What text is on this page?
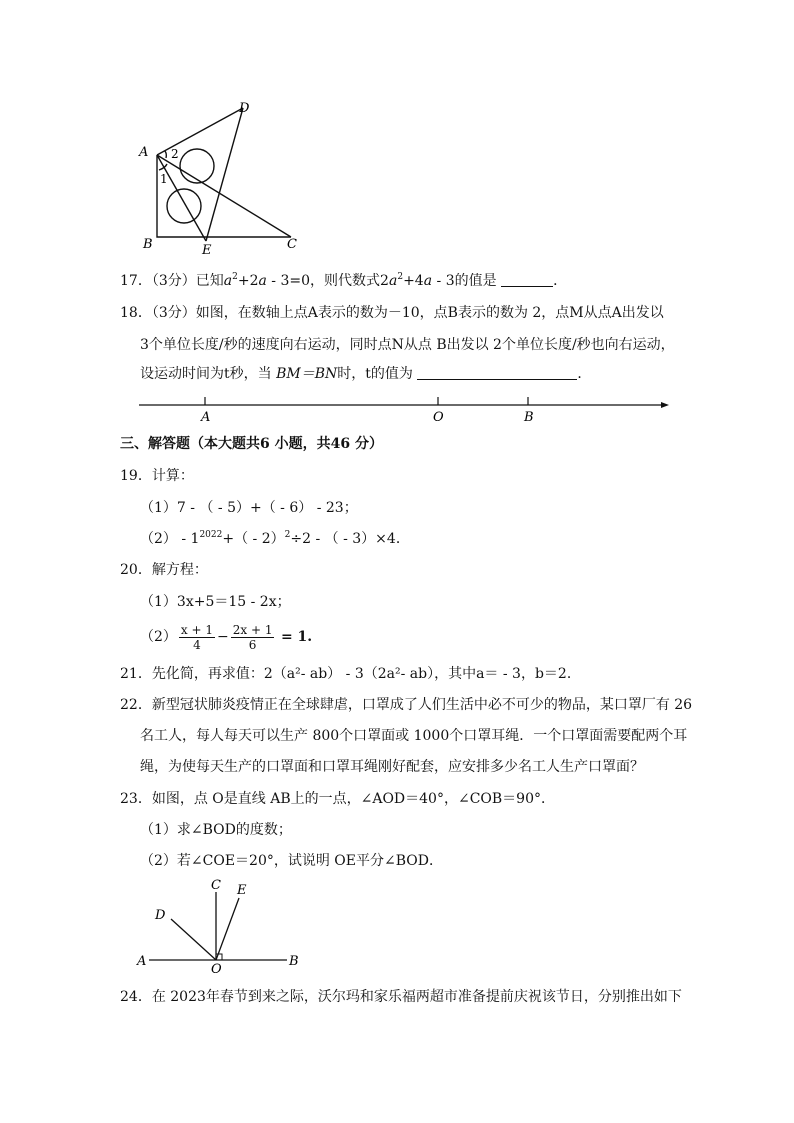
A
D
B	E	C
2
1
17．（3分）已知$a^2+2a - 3=0$，则代数式$2a^2+4a - 3$的值是	．
18．（3分）如图，在数轴上点A表示的数为－10，点B表示的数为 2，点M从点A出发以
3个单位长度/秒的速度向右运动，同时点N从点 B出发以 2个单位长度/秒也向右运动，
设运动时间为t秒，当 BM＝BN时，t的值为	．
A	O	B
三、解答题（本大题共6 小题，共46 分）
19．计算：
（1）7 - （ - 5）+（ - 6） - 23；
$(2) - 1^{2022}+( - 2)^2\div 2$ - （ - 3）×4．
20．解方程：
（1）3x+5＝15 - 2x；
$(2) \frac{x + 1}{4} - \frac{2x + 1}{6} = 1$.
21．先化简，再求值：2（a²- ab） - 3（2a²- ab），其中a＝ - 3，b＝2．
22．新型冠状肺炎疫情正在全球肆虐，口罩成了人们生活中必不可少的物品，某口罩厂有 26
名工人，每人每天可以生产 800个口罩面或 1000个口罩耳绳．一个口罩面需要配两个耳
绳，为使每天生产的口罩面和口罩耳绳刚好配套，应安排多少名工人生产口罩面？
23．如图，点 O是直线 AB上的一点，∠AOD＝40°，∠COB＝90°．
（1）求∠BOD的度数；
（2）若∠COE＝20°，试说明 OE平分∠BOD．
A	B
O
C E
D
24．在 2023年春节到来之际，沃尔玛和家乐福两超市准备提前庆祝该节日，分别推出如下
